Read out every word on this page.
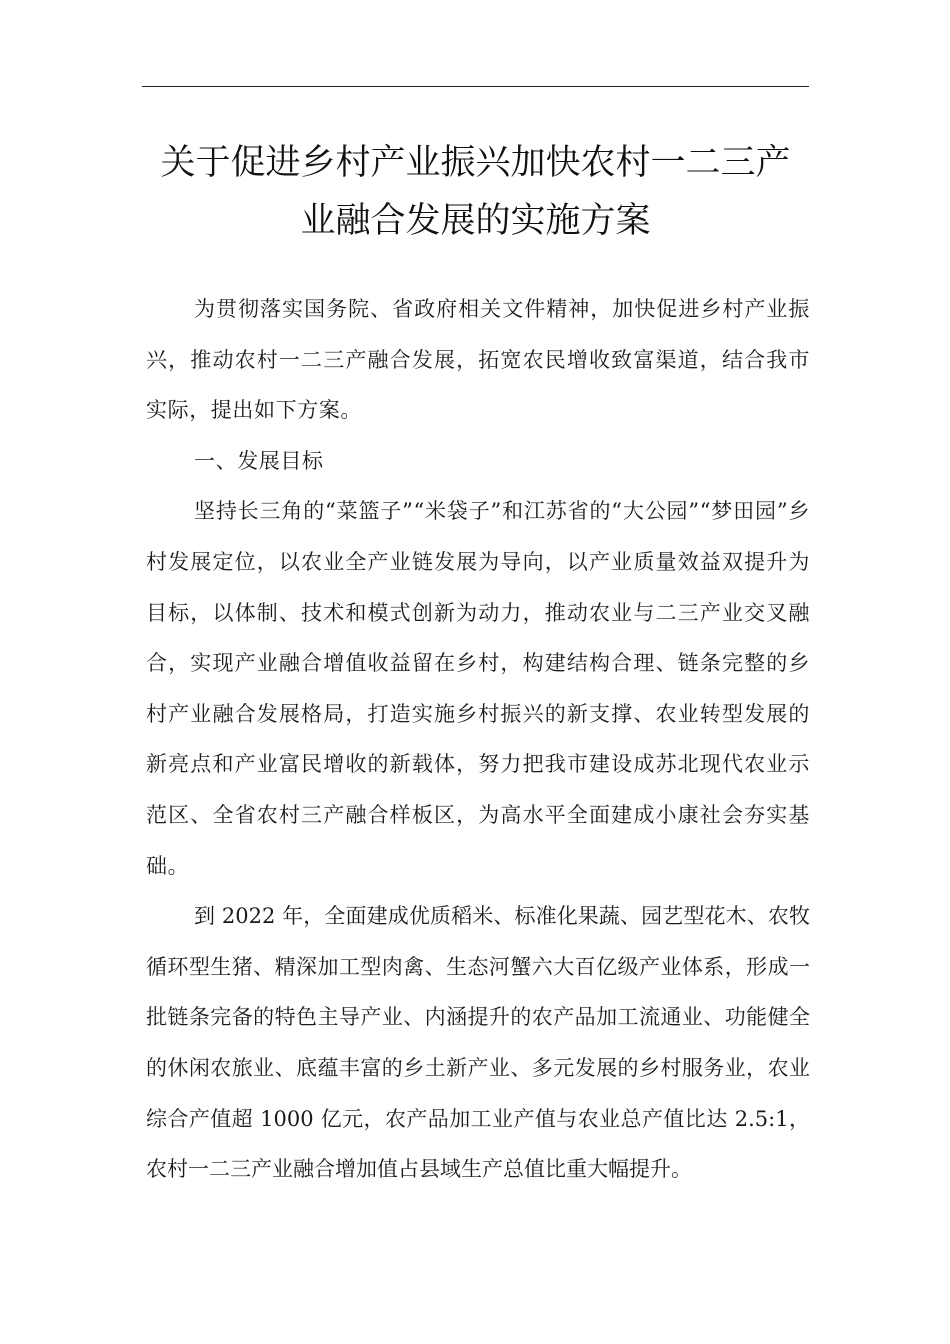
关于促进乡村产业振兴加快农村一二三产
业融合发展的实施方案

为贯彻落实国务院、省政府相关文件精神，加快促进乡村产业振兴，推动农村一二三产融合发展，拓宽农民增收致富渠道，结合我市实际，提出如下方案。

一、发展目标

坚持长三角的“菜篮子”“米袋子”和江苏省的“大公园”“梦田园”乡村发展定位，以农业全产业链发展为导向，以产业质量效益双提升为目标，以体制、技术和模式创新为动力，推动农业与二三产业交叉融合，实现产业融合增值收益留在乡村，构建结构合理、链条完整的乡村产业融合发展格局，打造实施乡村振兴的新支撑、农业转型发展的新亮点和产业富民增收的新载体，努力把我市建设成苏北现代农业示范区、全省农村三产融合样板区，为高水平全面建成小康社会夯实基础。

到 2022 年，全面建成优质稻米、标准化果蔬、园艺型花木、农牧循环型生猪、精深加工型肉禽、生态河蟹六大百亿级产业体系，形成一批链条完备的特色主导产业、内涵提升的农产品加工流通业、功能健全的休闲农旅业、底蕴丰富的乡土新产业、多元发展的乡村服务业，农业综合产值超 1000 亿元，农产品加工业产值与农业总产值比达 2.5:1，农村一二三产业融合增加值占县域生产总值比重大幅提升。
